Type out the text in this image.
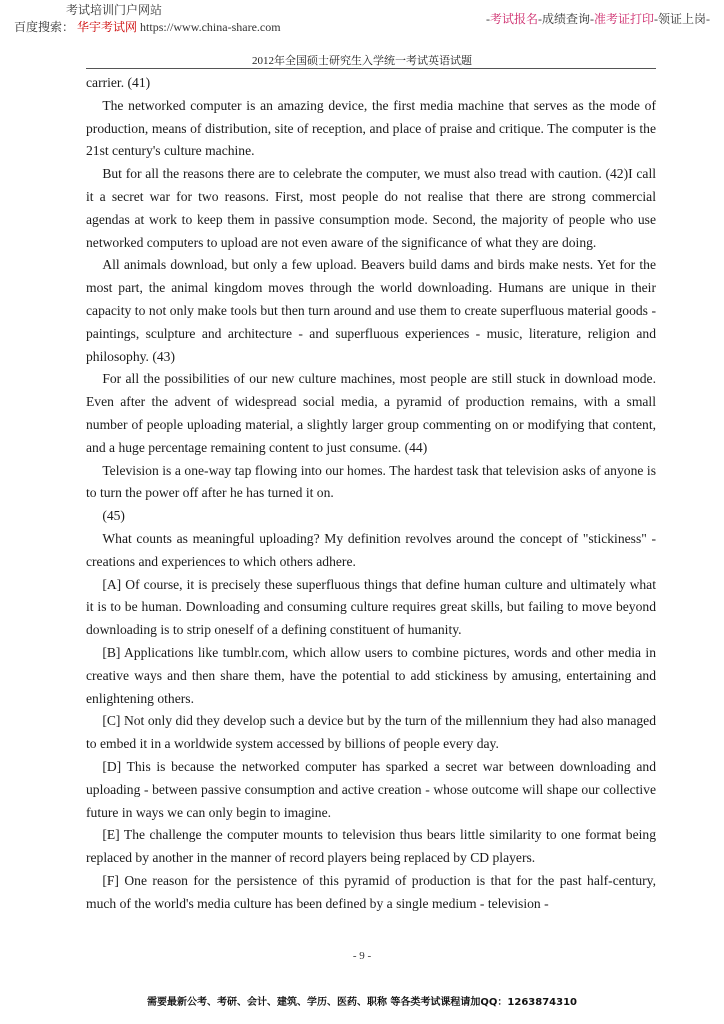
考试培训门户网站
百度搜索： 华宇考试网 https://www.china-share.com
-考试报名-成绩查询-准考证打印-领证上岗-
2012年全国硕士研究生入学统一考试英语试题

carrier. (41)

The networked computer is an amazing device, the first media machine that serves as the mode of production, means of distribution, site of reception, and place of praise and critique. The computer is the 21st century's culture machine.

But for all the reasons there are to celebrate the computer, we must also tread with caution. (42)I call it a secret war for two reasons. First, most people do not realise that there are strong commercial agendas at work to keep them in passive consumption mode. Second, the majority of people who use networked computers to upload are not even aware of the significance of what they are doing.

All animals download, but only a few upload. Beavers build dams and birds make nests. Yet for the most part, the animal kingdom moves through the world downloading. Humans are unique in their capacity to not only make tools but then turn around and use them to create superfluous material goods - paintings, sculpture and architecture - and superfluous experiences - music, literature, religion and philosophy. (43)

For all the possibilities of our new culture machines, most people are still stuck in download mode. Even after the advent of widespread social media, a pyramid of production remains, with a small number of people uploading material, a slightly larger group commenting on or modifying that content, and a huge percentage remaining content to just consume. (44)

Television is a one-way tap flowing into our homes. The hardest task that television asks of anyone is to turn the power off after he has turned it on.

(45)

What counts as meaningful uploading? My definition revolves around the concept of "stickiness" - creations and experiences to which others adhere.

[A] Of course, it is precisely these superfluous things that define human culture and ultimately what it is to be human. Downloading and consuming culture requires great skills, but failing to move beyond downloading is to strip oneself of a defining constituent of humanity.

[B] Applications like tumblr.com, which allow users to combine pictures, words and other media in creative ways and then share them, have the potential to add stickiness by amusing, entertaining and enlightening others.

[C] Not only did they develop such a device but by the turn of the millennium they had also managed to embed it in a worldwide system accessed by billions of people every day.

[D] This is because the networked computer has sparked a secret war between downloading and uploading - between passive consumption and active creation - whose outcome will shape our collective future in ways we can only begin to imagine.

[E] The challenge the computer mounts to television thus bears little similarity to one format being replaced by another in the manner of record players being replaced by CD players.

[F] One reason for the persistence of this pyramid of production is that for the past half-century, much of the world's media culture has been defined by a single medium - television -

- 9 -
需要最新公考、考研、会计、建筑、学历、医药、职称 等各类考试课程请加QQ：1263874310
